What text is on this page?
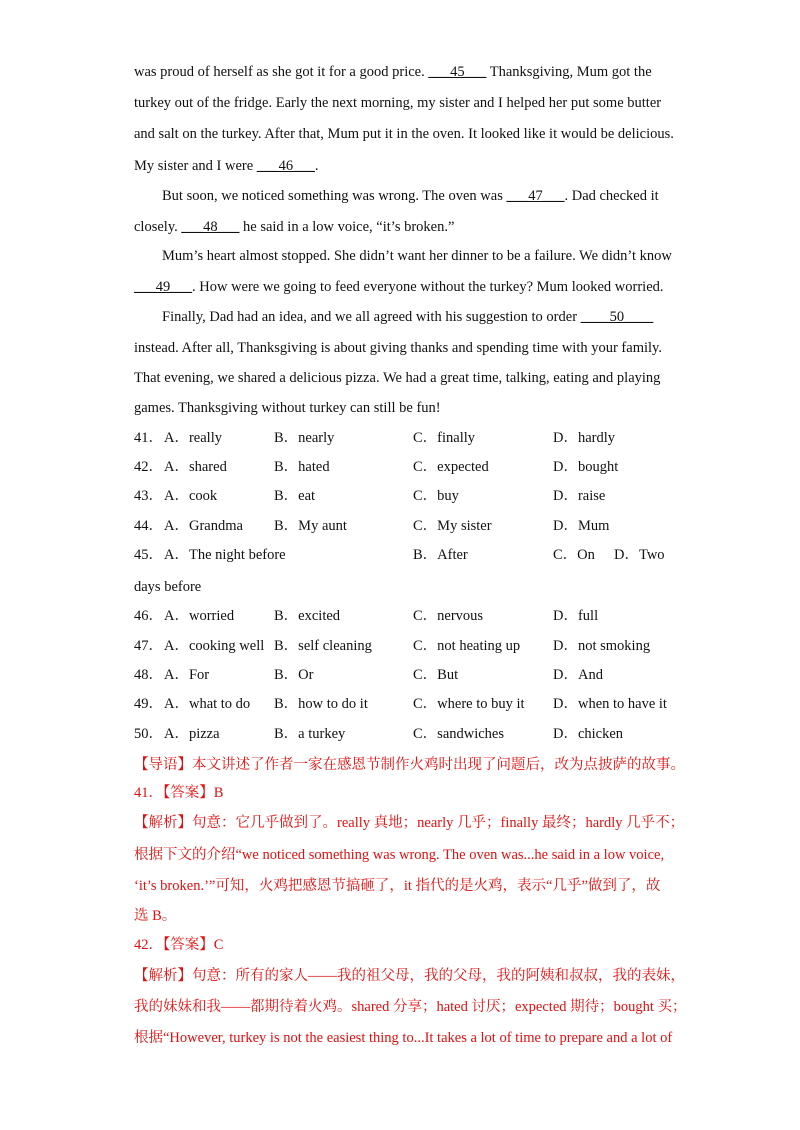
was proud of herself as she got it for a good price. ___45___ Thanksgiving, Mum got the
turkey out of the fridge. Early the next morning, my sister and I helped her put some butter
and salt on the turkey. After that, Mum put it in the oven. It looked like it would be delicious.
My sister and I were ___46___.
But soon, we noticed something was wrong. The oven was ___47___. Dad checked it
closely. ___48___ he said in a low voice, “it’s broken.”
Mum’s heart almost stopped. She didn’t want her dinner to be a failure. We didn’t know
___49___. How were we going to feed everyone without the turkey? Mum looked worried.
Finally, Dad had an idea, and we all agreed with his suggestion to order ____50____
instead. After all, Thanksgiving is about giving thanks and spending time with your family.
That evening, we shared a delicious pizza. We had a great time, talking, eating and playing
games. Thanksgiving without turkey can still be fun!
41． A．really	B．nearly	C．finally	D．hardly
42． A．shared	B．hated	C．expected	D．bought
43． A．cook	B．eat	C．buy	D．raise
44． A．Grandma B．My aunt	C．My sister	D．Mum
45． A．The night before	B．After	C．On D．Two
days before
46． A．worried	B．excited	C．nervous	D．full
47． A．cooking well B．self cleaning	C．not heating up D．not smoking
48． A．For	B．Or	C．But	D．And
49． A．what to do B．how to do it	C．where to buy it D．when to have it
50． A．pizza	B．a turkey	C．sandwiches	D．chicken
【导语】本文讲述了作者一家在感恩节制作火鸡时出现了问题后，改为点披萨的故事。
41．【答案】B
【解析】句意：它几乎做到了。really 真地；nearly 几乎；finally 最终；hardly 几乎不；
根据下文的介绍“we noticed something was wrong. The oven was...he said in a low voice,
‘it’s broken.’”可知，火鸡把感恩节搞砸了，it 指代的是火鸡，表示“几乎”做到了，故
选 B。
42．【答案】C
【解析】句意：所有的家人——我的祖父母，我的父母，我的阿姨和叔叔，我的表妹，
我的妹妹和我——都期待着火鸡。shared 分享；hated 讨厌；expected 期待；bought 买；
根据“However, turkey is not the easiest thing to...It takes a lot of time to prepare and a lot of
